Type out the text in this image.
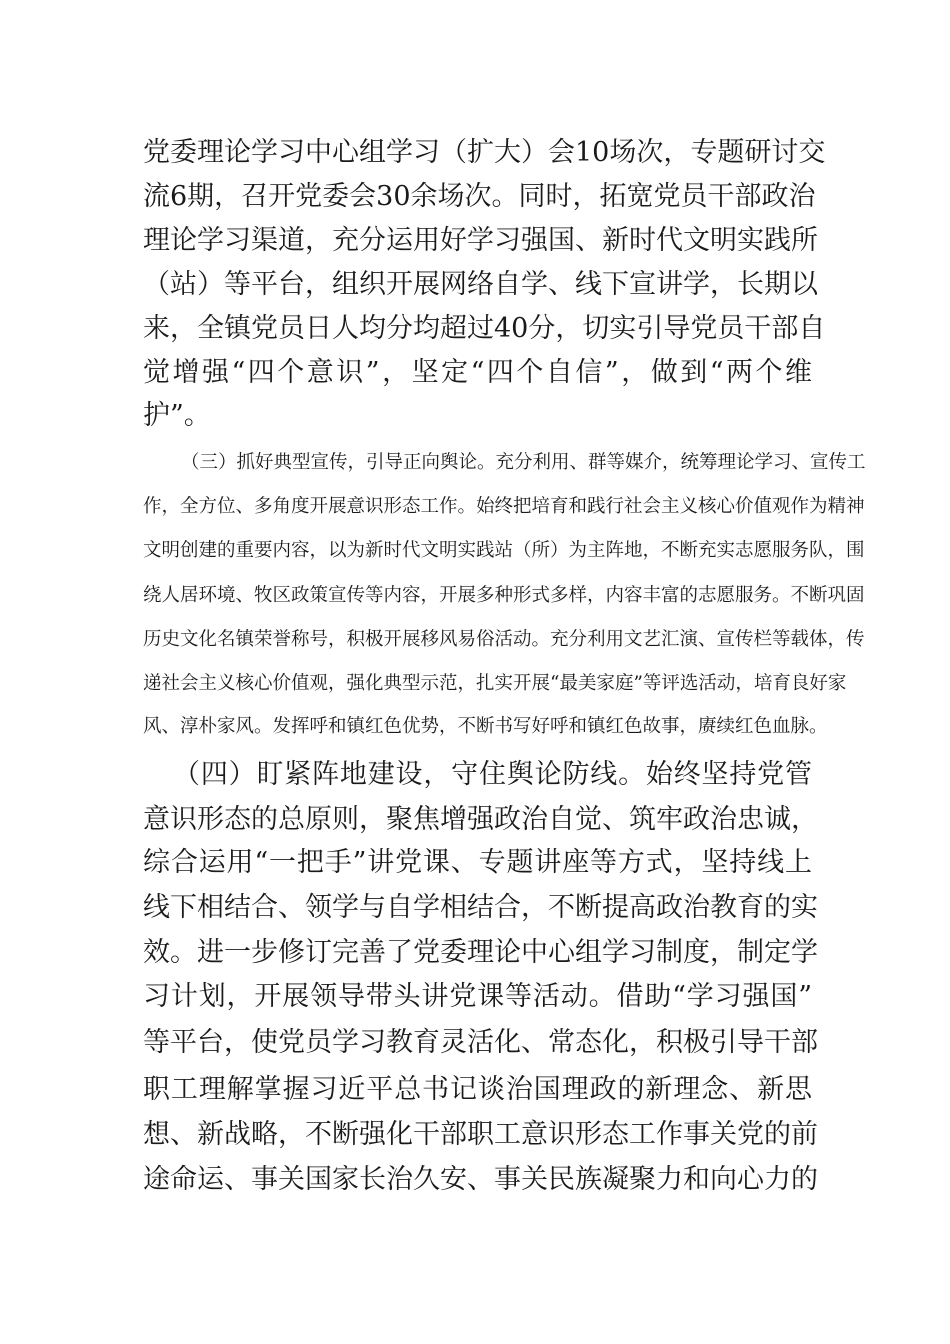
党委理论学习中心组学习（扩大）会10场次，专题研讨交
流6期，召开党委会30余场次。同时，拓宽党员干部政治
理论学习渠道，充分运用好学习强国、新时代文明实践所
（站）等平台，组织开展网络自学、线下宣讲学，长期以
来，全镇党员日人均分均超过40分，切实引导党员干部自
觉增强“四个意识”，坚定“四个自信”，做到“两个维
护”。
（三）抓好典型宣传，引导正向舆论。充分利用、群等媒介，统筹理论学习、宣传工
作，全方位、多角度开展意识形态工作。始终把培育和践行社会主义核心价值观作为精神
文明创建的重要内容，以为新时代文明实践站（所）为主阵地，不断充实志愿服务队，围
绕人居环境、牧区政策宣传等内容，开展多种形式多样，内容丰富的志愿服务。不断巩固
历史文化名镇荣誉称号，积极开展移风易俗活动。充分利用文艺汇演、宣传栏等载体，传
递社会主义核心价值观，强化典型示范，扎实开展“最美家庭”等评选活动，培育良好家
风、淳朴家风。发挥呼和镇红色优势，不断书写好呼和镇红色故事，赓续红色血脉。
（四）盯紧阵地建设，守住舆论防线。始终坚持党管
意识形态的总原则，聚焦增强政治自觉、筑牢政治忠诚，
综合运用“一把手”讲党课、专题讲座等方式，坚持线上
线下相结合、领学与自学相结合，不断提高政治教育的实
效。进一步修订完善了党委理论中心组学习制度，制定学
习计划，开展领导带头讲党课等活动。借助“学习强国”
等平台，使党员学习教育灵活化、常态化，积极引导干部
职工理解掌握习近平总书记谈治国理政的新理念、新思
想、新战略，不断强化干部职工意识形态工作事关党的前
途命运、事关国家长治久安、事关民族凝聚力和向心力的
